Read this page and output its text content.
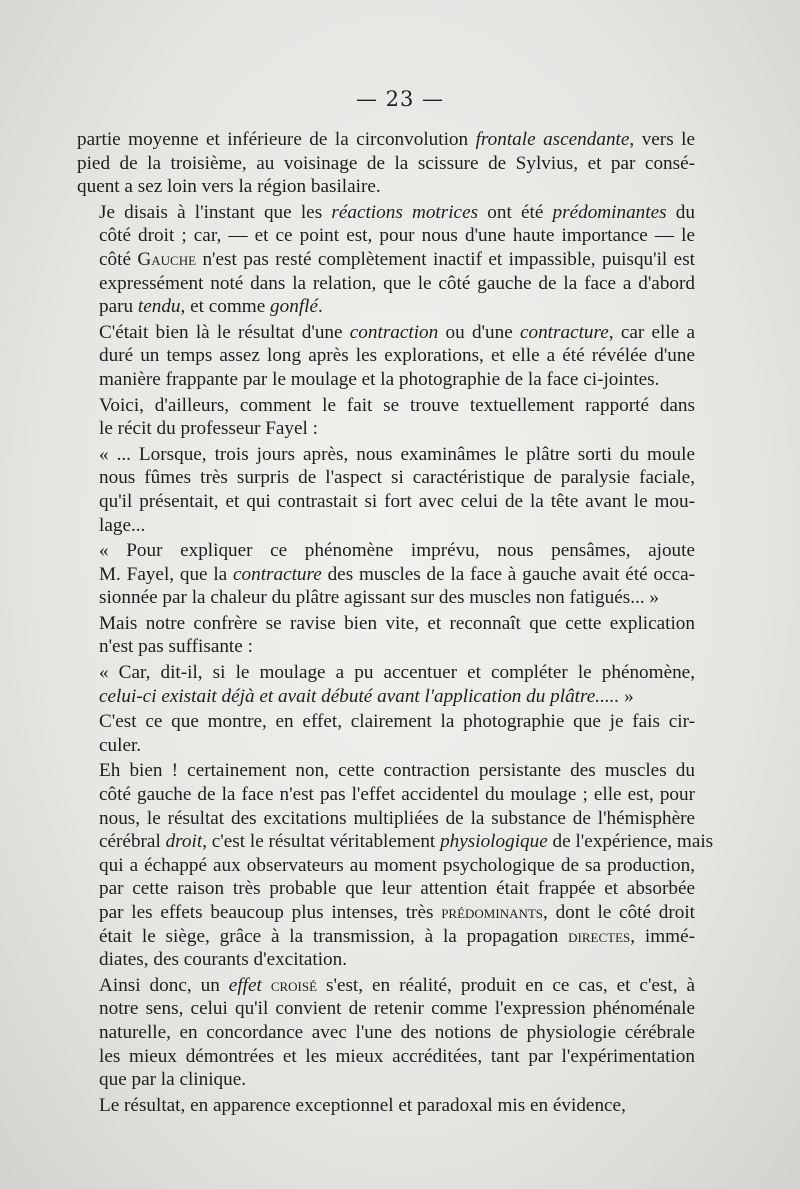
— 23 —

partie moyenne et inférieure de la circonvolution frontale ascendante, vers le
pied de la troisième, au voisinage de la scissure de Sylvius, et par consé-
quent a sez loin vers la région basilaire.

Je disais à l'instant que les réactions motrices ont été prédominantes du
côté droit ; car, — et ce point est, pour nous d'une haute importance — le
côté Gauche n'est pas resté complètement inactif et impassible, puisqu'il est
expressément noté dans la relation, que le côté gauche de la face a d'abord
paru tendu, et comme gonflé.

C'était bien là le résultat d'une contraction ou d'une contracture, car elle a
duré un temps assez long après les explorations, et elle a été révélée d'une
manière frappante par le moulage et la photographie de la face ci-jointes.

Voici, d'ailleurs, comment le fait se trouve textuellement rapporté dans
le récit du professeur Fayel :

« ... Lorsque, trois jours après, nous examinâmes le plâtre sorti du moule
nous fûmes très surpris de l'aspect si caractéristique de paralysie faciale,
qu'il présentait, et qui contrastait si fort avec celui de la tête avant le mou-
lage...

« Pour expliquer ce phénomène imprévu, nous pensâmes, ajoute
M. Fayel, que la contracture des muscles de la face à gauche avait été occa-
sionnée par la chaleur du plâtre agissant sur des muscles non fatigués... »

Mais notre confrère se ravise bien vite, et reconnaît que cette explication
n'est pas suffisante :

« Car, dit-il, si le moulage a pu accentuer et compléter le phénomène,
celui-ci existait déjà et avait débuté avant l'application du plâtre..... »

C'est ce que montre, en effet, clairement la photographie que je fais cir-
culer.

Eh bien ! certainement non, cette contraction persistante des muscles du
côté gauche de la face n'est pas l'effet accidentel du moulage ; elle est, pour
nous, le résultat des excitations multipliées de la substance de l'hémisphère
cérébral droit, c'est le résultat véritablement physiologique de l'expérience, mais
qui a échappé aux observateurs au moment psychologique de sa production,
par cette raison très probable que leur attention était frappée et absorbée
par les effets beaucoup plus intenses, très prédominants, dont le côté droit
était le siège, grâce à la transmission, à la propagation directes, immé-
diates, des courants d'excitation.

Ainsi donc, un effet croisé s'est, en réalité, produit en ce cas, et c'est, à
notre sens, celui qu'il convient de retenir comme l'expression phénoménale
naturelle, en concordance avec l'une des notions de physiologie cérébrale
les mieux démontrées et les mieux accréditées, tant par l'expérimentation
que par la clinique.

Le résultat, en apparence exceptionnel et paradoxal mis en évidence,
